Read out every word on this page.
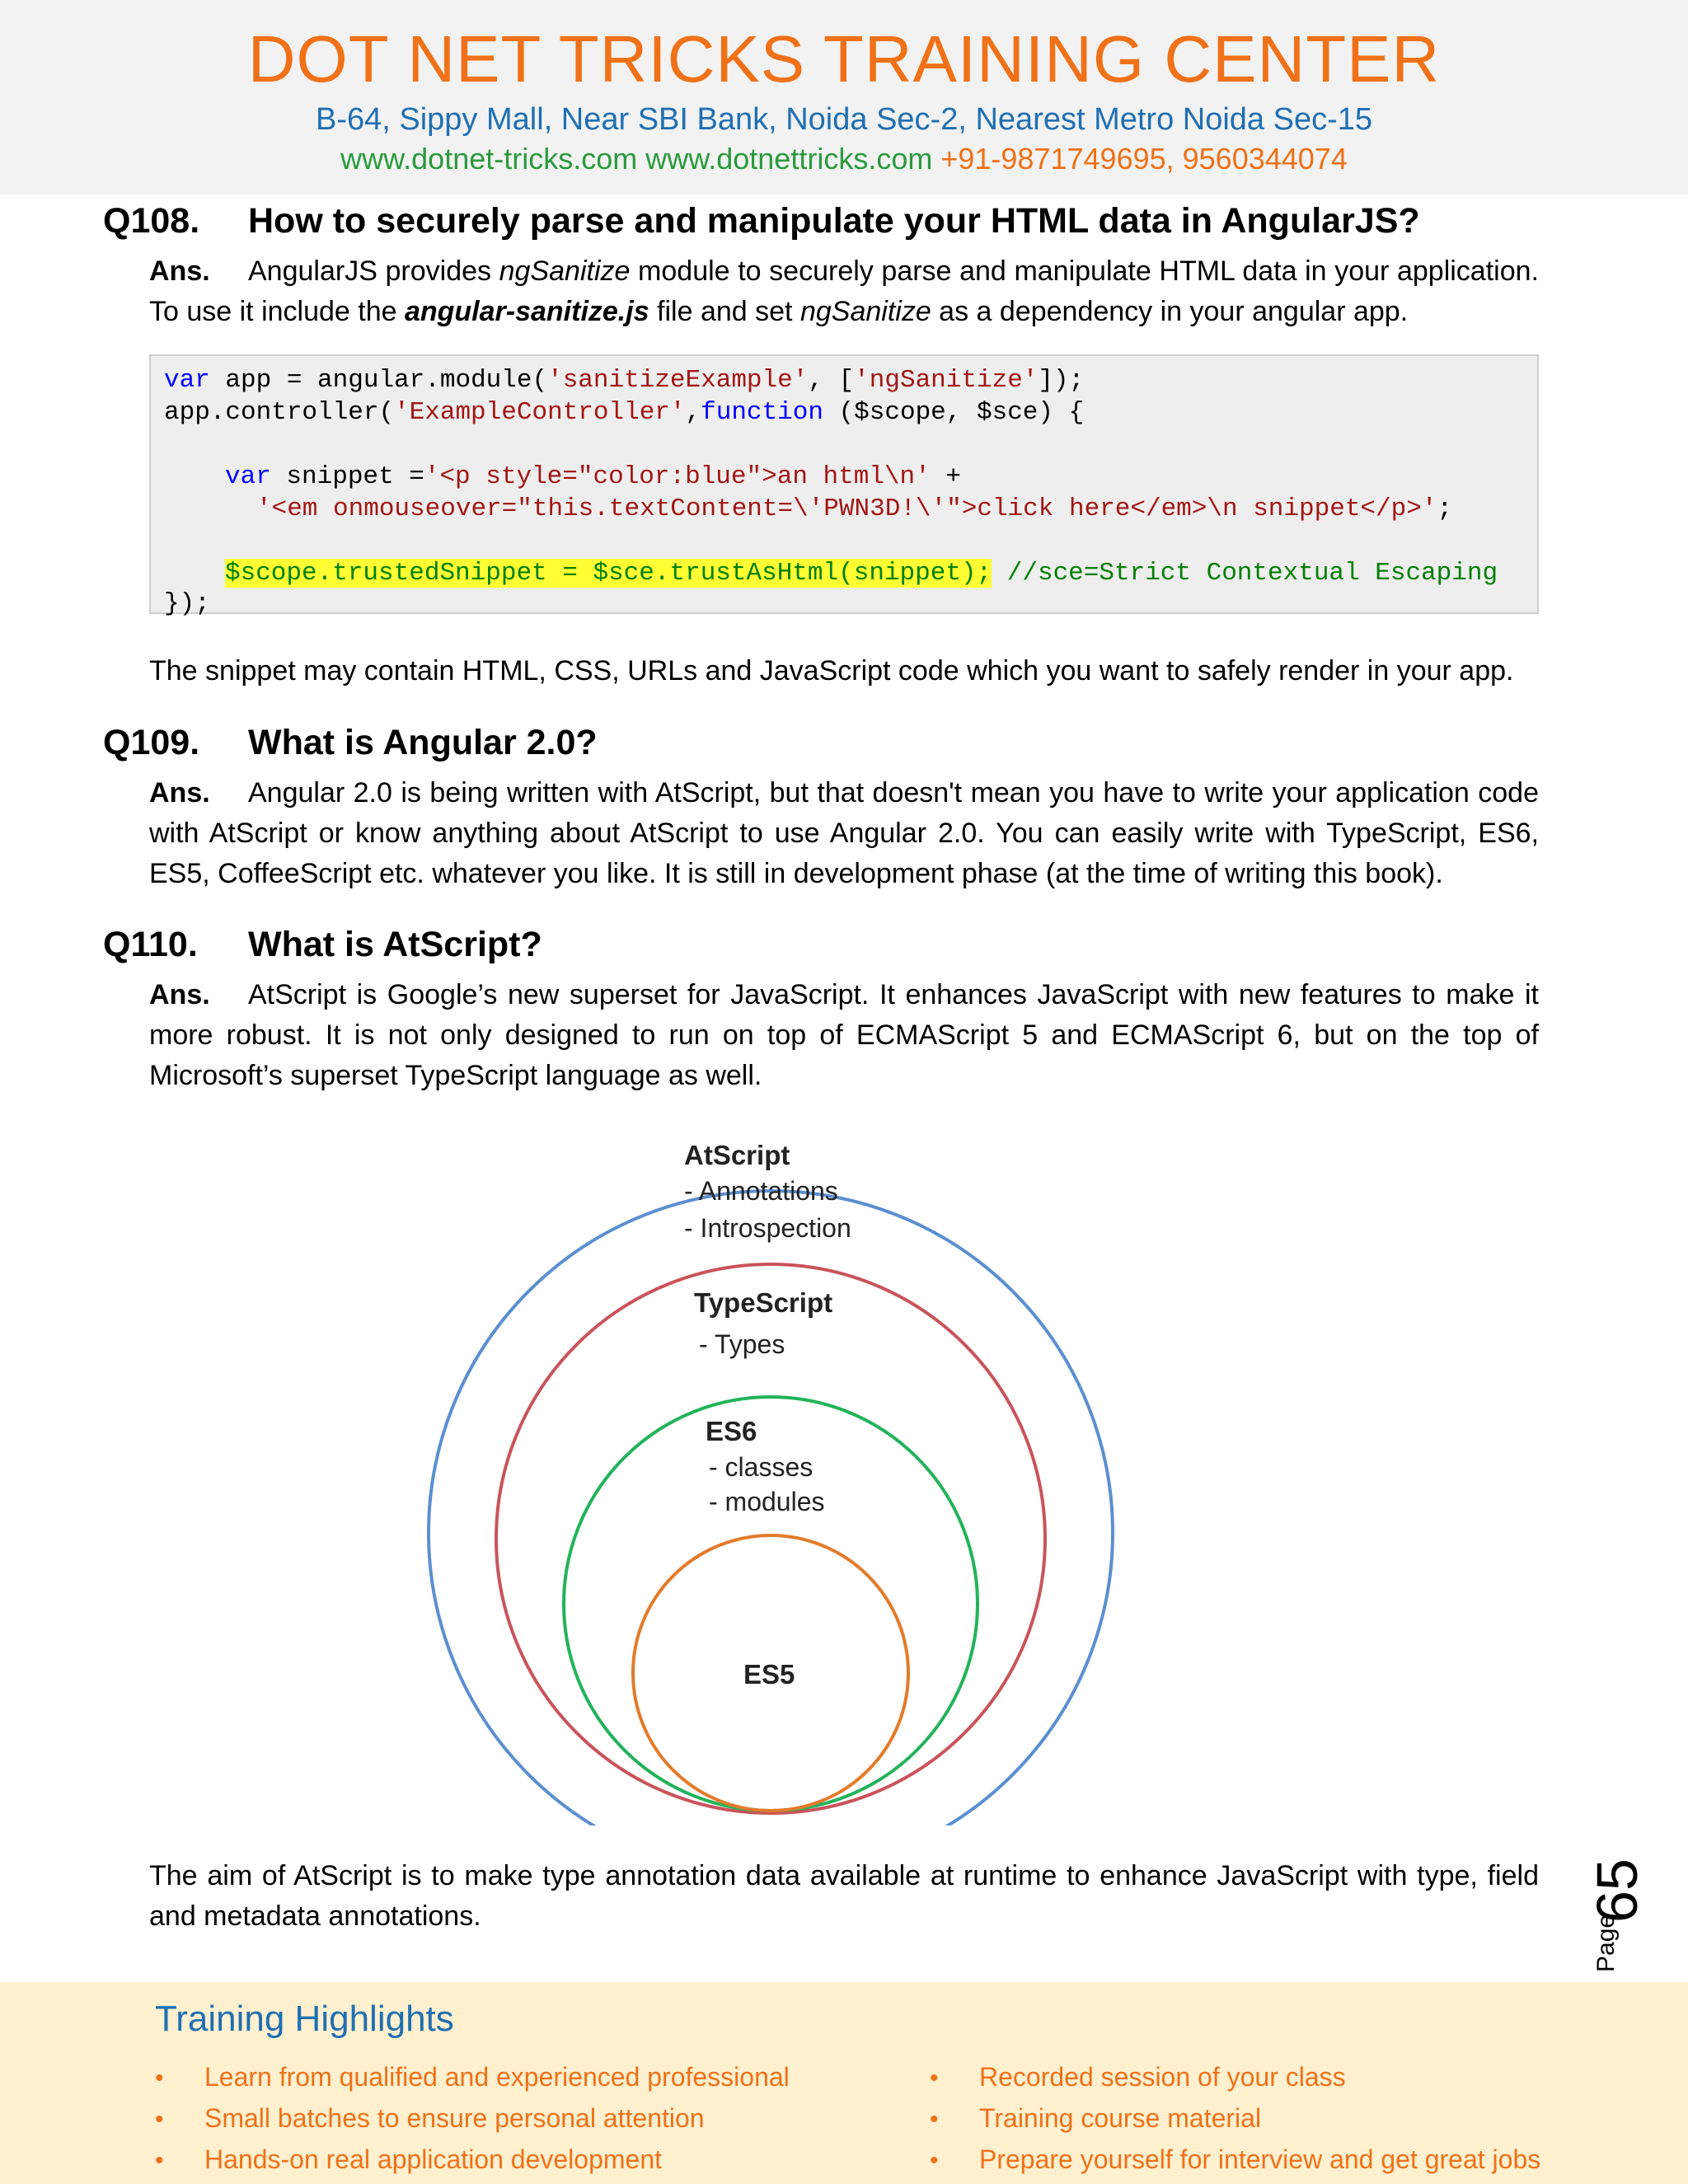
DOT NET TRICKS TRAINING CENTER
B-64, Sippy Mall, Near SBI Bank, Noida Sec-2, Nearest Metro Noida Sec-15
www.dotnet-tricks.com www.dotnettricks.com +91-9871749695, 9560344074
Q108. How to securely parse and manipulate your HTML data in AngularJS?
Ans. AngularJS provides ngSanitize module to securely parse and manipulate HTML data in your application. To use it include the angular-sanitize.js file and set ngSanitize as a dependency in your angular app.
var app = angular.module('sanitizeExample', ['ngSanitize']);
app.controller('ExampleController',function ($scope, $sce) {
var snippet ='<p style="color:blue">an html\n' +
'<em onmouseover="this.textContent=\'PWN3D!\'">click here</em>\n snippet</p>';
$scope.trustedSnippet = $sce.trustAsHtml(snippet); //sce=Strict Contextual Escaping
});
The snippet may contain HTML, CSS, URLs and JavaScript code which you want to safely render in your app.
Q109. What is Angular 2.0?
Ans. Angular 2.0 is being written with AtScript, but that doesn't mean you have to write your application code with AtScript or know anything about AtScript to use Angular 2.0. You can easily write with TypeScript, ES6, ES5, CoffeeScript etc. whatever you like. It is still in development phase (at the time of writing this book).
Q110. What is AtScript?
Ans. AtScript is Google’s new superset for JavaScript. It enhances JavaScript with new features to make it more robust. It is not only designed to run on top of ECMAScript 5 and ECMAScript 6, but on the top of Microsoft’s superset TypeScript language as well.
AtScript
- Annotations
- Introspection
TypeScript
- Types
ES6
- classes
- modules
ES5
The aim of AtScript is to make type annotation data available at runtime to enhance JavaScript with type, field and metadata annotations.	Page
65
Training Highlights
• Learn from qualified and experienced professional
• Small batches to ensure personal attention
• Hands-on real application development
• Recorded session of your class
• Training course material
• Prepare yourself for interview and get great jobs
